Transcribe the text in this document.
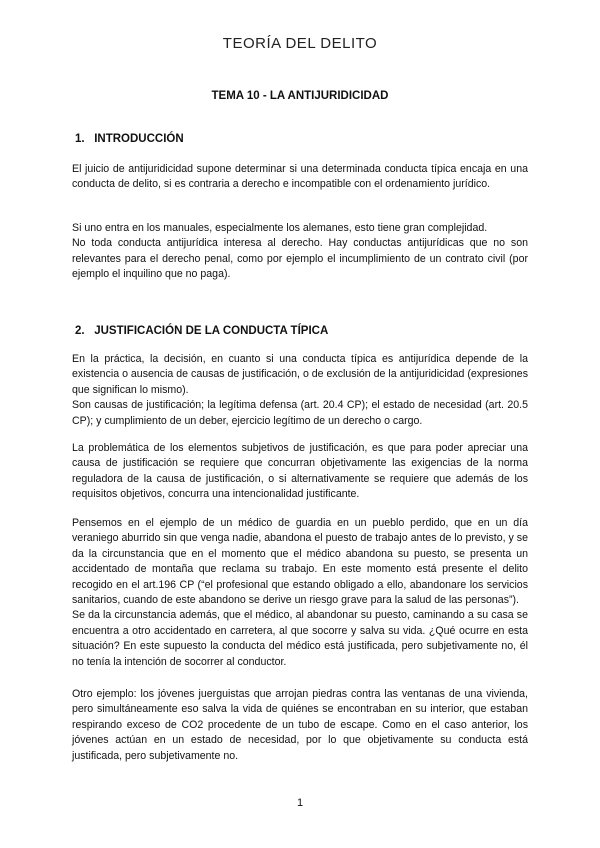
TEORÍA DEL DELITO
TEMA 10 - LA ANTIJURIDICIDAD
1. INTRODUCCIÓN

El juicio de antijuridicidad supone determinar si una determinada conducta típica encaja en una conducta de delito, si es contraria a derecho e incompatible con el ordenamiento jurídico.

Si uno entra en los manuales, especialmente los alemanes, esto tiene gran complejidad.

No toda conducta antijurídica interesa al derecho. Hay conductas antijurídicas que no son relevantes para el derecho penal, como por ejemplo el incumplimiento de un contrato civil (por ejemplo el inquilino que no paga).

2. JUSTIFICACIÓN DE LA CONDUCTA TÍPICA

En la práctica, la decisión, en cuanto si una conducta típica es antijurídica depende de la existencia o ausencia de causas de justificación, o de exclusión de la antijuridicidad (expresiones que significan lo mismo).

Son causas de justificación; la legítima defensa (art. 20.4 CP); el estado de necesidad (art. 20.5 CP); y cumplimiento de un deber, ejercicio legítimo de un derecho o cargo.

La problemática de los elementos subjetivos de justificación, es que para poder apreciar una causa de justificación se requiere que concurran objetivamente las exigencias de la norma reguladora de la causa de justificación, o si alternativamente se requiere que además de los requisitos objetivos, concurra una intencionalidad justificante.

Pensemos en el ejemplo de un médico de guardia en un pueblo perdido, que en un día veraniego aburrido sin que venga nadie, abandona el puesto de trabajo antes de lo previsto, y se da la circunstancia que en el momento que el médico abandona su puesto, se presenta un accidentado de montaña que reclama su trabajo. En este momento está presente el delito recogido en el art.196 CP (“el profesional que estando obligado a ello, abandonare los servicios sanitarios, cuando de este abandono se derive un riesgo grave para la salud de las personas”).

Se da la circunstancia además, que el médico, al abandonar su puesto, caminando a su casa se encuentra a otro accidentado en carretera, al que socorre y salva su vida. ¿Qué ocurre en esta situación? En este supuesto la conducta del médico está justificada, pero subjetivamente no, él no tenía la intención de socorrer al conductor.

Otro ejemplo: los jóvenes juerguistas que arrojan piedras contra las ventanas de una vivienda, pero simultáneamente eso salva la vida de quiénes se encontraban en su interior, que estaban respirando exceso de CO2 procedente de un tubo de escape. Como en el caso anterior, los jóvenes actúan en un estado de necesidad, por lo que objetivamente su conducta está justificada, pero subjetivamente no.

1
